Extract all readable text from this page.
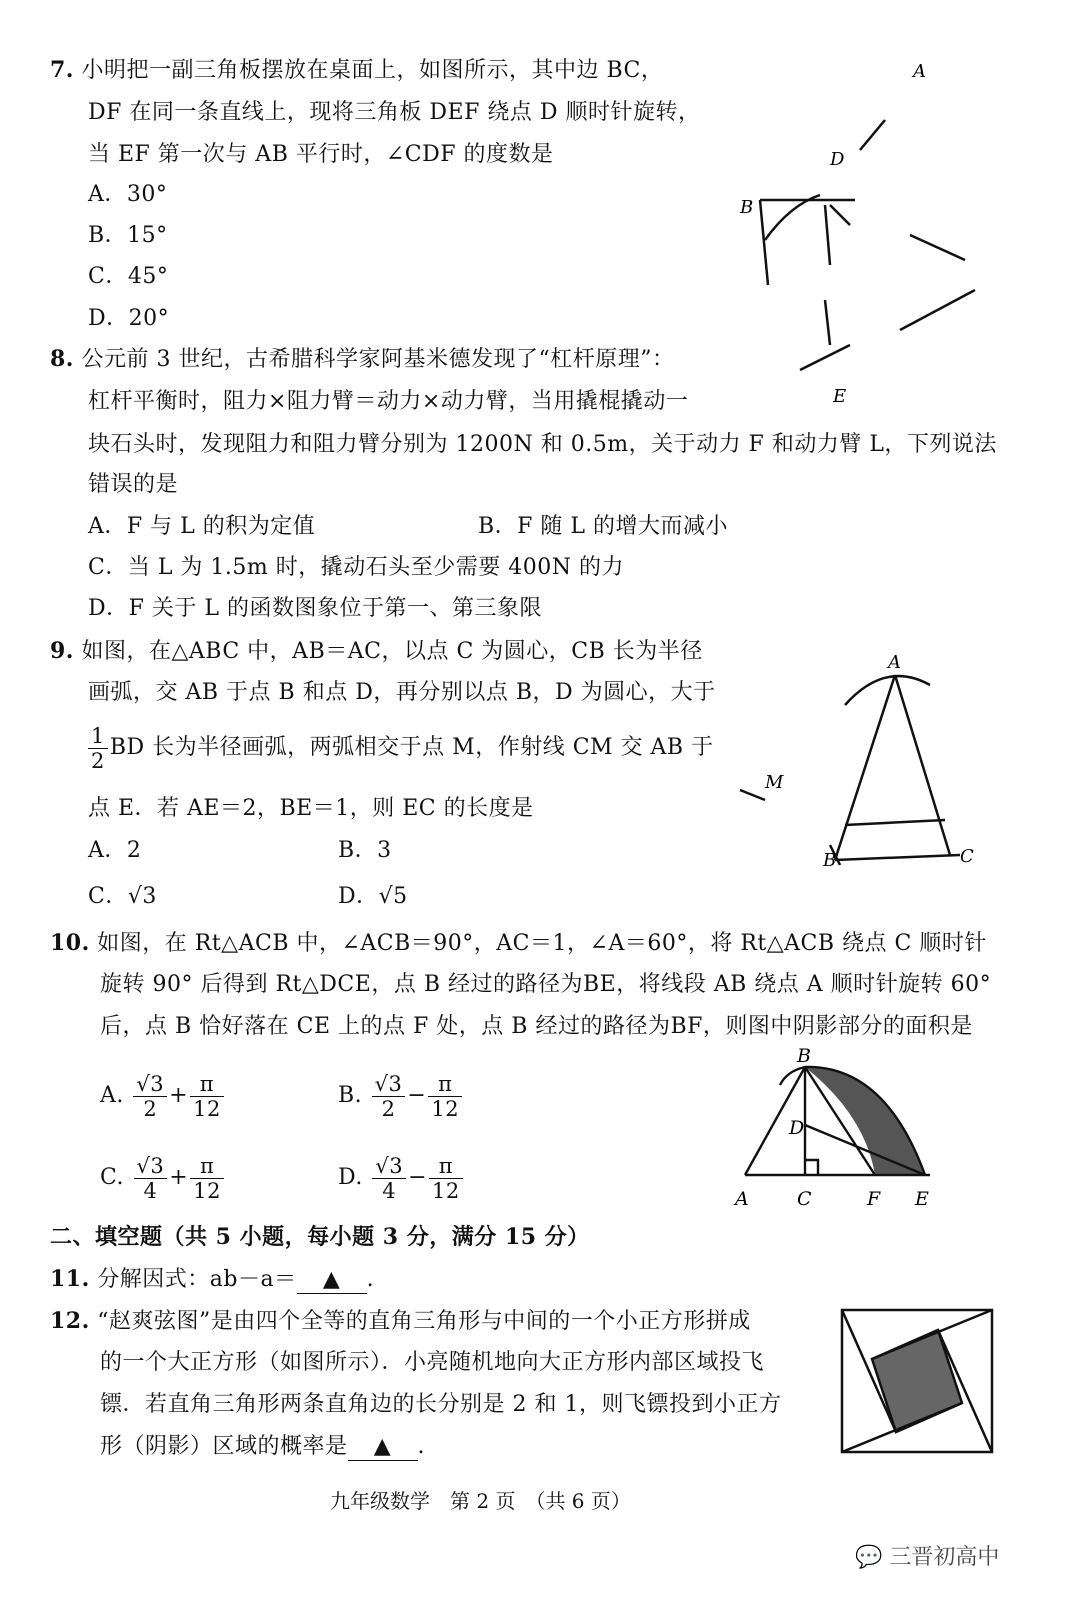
7. 小明把一副三角板摆放在桌面上，如图所示，其中边 BC，
DF 在同一条直线上，现将三角板 DEF 绕点 D 顺时针旋转，
当 EF 第一次与 AB 平行时，∠CDF 的度数是
A．30°
B．15°
C．45°
D．20°
A
D
B
E
8. 公元前 3 世纪，古希腊科学家阿基米德发现了“杠杆原理”：
杠杆平衡时，阻力×阻力臂＝动力×动力臂，当用撬棍撬动一
块石头时，发现阻力和阻力臂分别为 1200N 和 0.5m，关于动力 F 和动力臂 L，下列说法
错误的是
A．F 与 L 的积为定值	B．F 随 L 的增大而减小
C．当 L 为 1.5m 时，撬动石头至少需要 400N 的力
D．F 关于 L 的函数图象位于第一、第三象限
9. 如图，在△ABC 中，AB＝AC，以点 C 为圆心，CB 长为半径
画弧，交 AB 于点 B 和点 D，再分别以点 B，D 为圆心，大于
$\frac{1}{2}$ BD 长为半径画弧，两弧相交于点 M，作射线 CM 交 AB 于
点 E．若 AE＝2，BE＝1，则 EC 的长度是
A．2	B．3
C．√3	D．√5
A
M
B	C
10. 如图，在 Rt△ACB 中，∠ACB＝90°，AC＝1，∠A＝60°，将 Rt△ACB 绕点 C 顺时针
旋转 90° 后得到 Rt△DCE，点 B 经过的路径为BE，将线段 AB 绕点 A 顺时针旋转 60°
后，点 B 恰好落在 CE 上的点 F 处，点 B 经过的路径为BF，则图中阴影部分的面积是
A. $\frac{√3}{2} + \frac{\pi}{12}$	B. $\frac{√3}{2} - \frac{\pi}{12}$
C. $\frac{√3}{4} + \frac{\pi}{12}$	D. $\frac{√3}{4} - \frac{\pi}{12}$
B
D
A	C	F E
二、填空题（共 5 小题，每小题 3 分，满分 15 分）
11. 分解因式：ab－a＝ ▲ .
12. “赵爽弦图”是由四个全等的直角三角形与中间的一个小正方形拼成
的一个大正方形（如图所示）．小亮随机地向大正方形内部区域投飞
镖．若直角三角形两条直角边的长分别是 2 和 1，则飞镖投到小正方
形（阴影）区域的概率是 ▲ .
九年级数学　第 2 页　（共 6 页）
💬 三晋初高中
